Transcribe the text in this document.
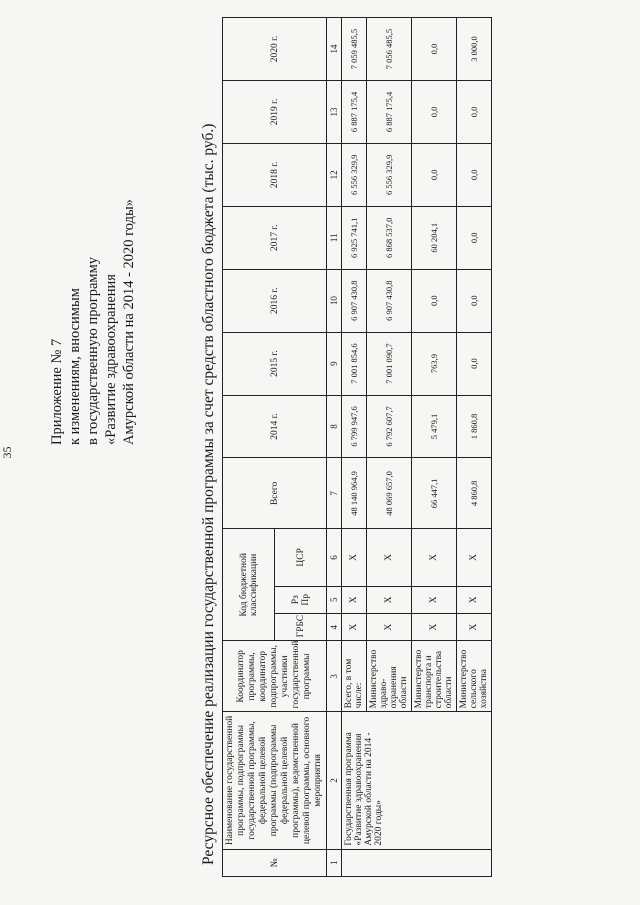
35
Приложение № 7 к изменениям, вносимым в государственную программу «Развитие здравоохранения Амурской области на 2014 - 2020 годы»	Ресурсное обеспечение реализации государственной программы за счет средств областного бюджета (тыс. руб.)	№	Наименование государственной программы, подпрограммы государственной программы, федеральной целевой программы (подпрограммы федеральной целевой программы), ведомственной целевой программы, основного мероприятия	Координатор программы, координатор подпрограммы, участники государственной программы	Код бюджетной классификации			Всего	2014 г.	2015 г.	2016 г.	2017 г.	2018 г.	2019 г.	2020 г.
			ГРБС	Рз Пр	ЦСР								
1	2	3	4	5	6	7	8	9	10	11	12	13	14
	Государственная программа «Развитие здравоохранения Амурской области на 2014 - 2020 годы»	Всего, в том числе:	X	X	X	48 140 964,9	6 799 947,6	7 001 854,6	6 907 430,8	6 925 741,1	6 556 329,9	6 887 175,4	7 059 485,5
		Министерство здраво-охранения области	X	X	X	48 069 657,0	6 792 607,7	7 001 090,7	6 907 430,8	6 868 537,0	6 556 329,9	6 887 175,4	7 056 485,5
		Министерство транспорта и строительства области	X	X	X	66 447,1	5 479,1	763,9	0,0	60 204,1	0,0	0,0	0,0
		Министерство сельского хозяйства	X	X	X	4 860,8	1 860,8	0,0	0,0	0,0	0,0	0,0	3 000,0
